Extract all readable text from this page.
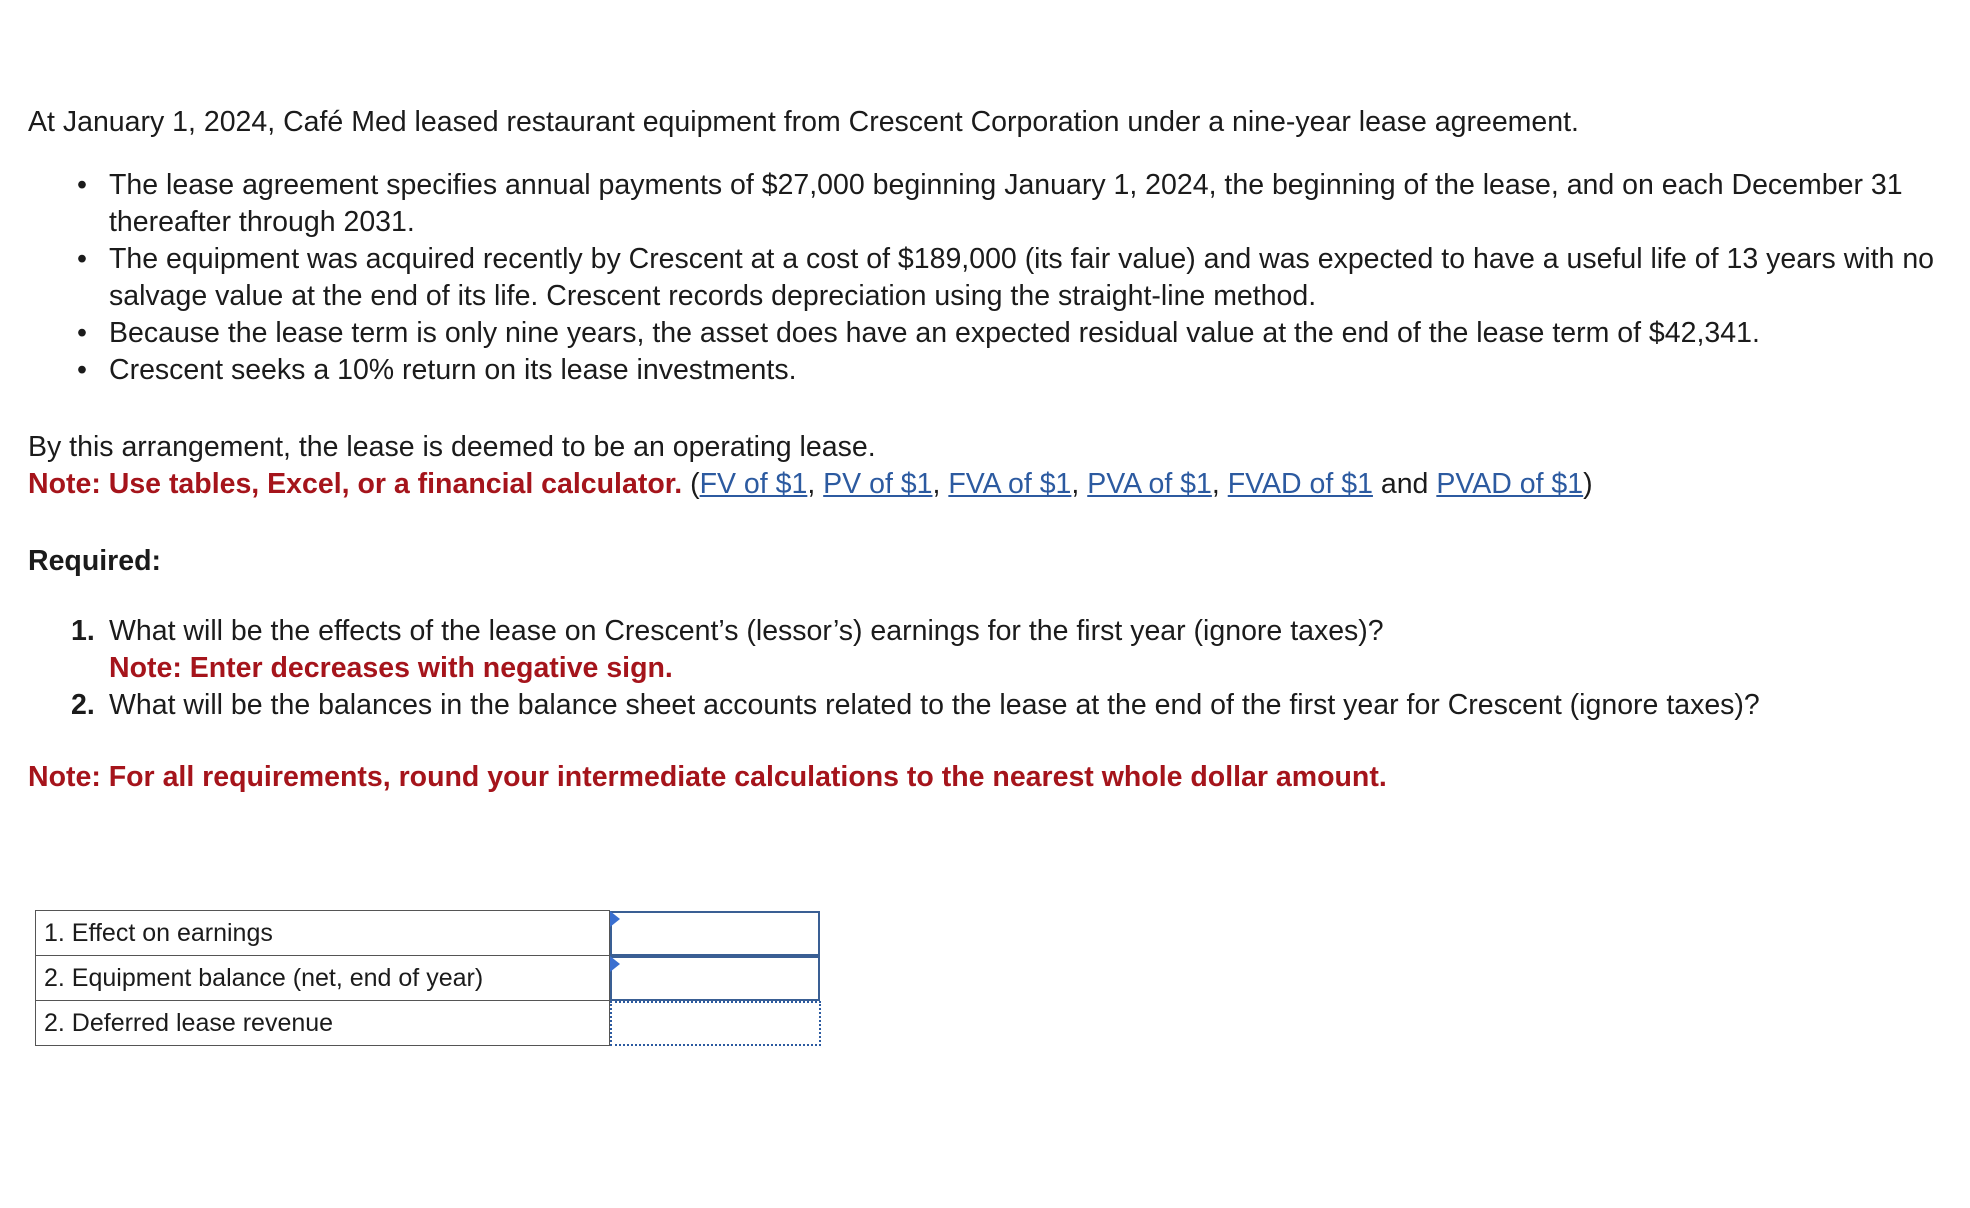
At January 1, 2024, Café Med leased restaurant equipment from Crescent Corporation under a nine-year lease agreement.

• The lease agreement specifies annual payments of $27,000 beginning January 1, 2024, the beginning of the lease, and on each December 31 thereafter through 2031.
• The equipment was acquired recently by Crescent at a cost of $189,000 (its fair value) and was expected to have a useful life of 13 years with no salvage value at the end of its life. Crescent records depreciation using the straight-line method.
• Because the lease term is only nine years, the asset does have an expected residual value at the end of the lease term of $42,341.
• Crescent seeks a 10% return on its lease investments.
By this arrangement, the lease is deemed to be an operating lease.
Note: Use tables, Excel, or a financial calculator. (FV of $1, PV of $1, FVA of $1, PVA of $1, FVAD of $1 and PVAD of $1)
Required:
1. What will be the effects of the lease on Crescent’s (lessor’s) earnings for the first year (ignore taxes)?
Note: Enter decreases with negative sign.
2. What will be the balances in the balance sheet accounts related to the lease at the end of the first year for Crescent (ignore taxes)?
Note: For all requirements, round your intermediate calculations to the nearest whole dollar amount.
1. Effect on earnings	

2. Equipment balance (net, end of year)	

2. Deferred lease revenue	
